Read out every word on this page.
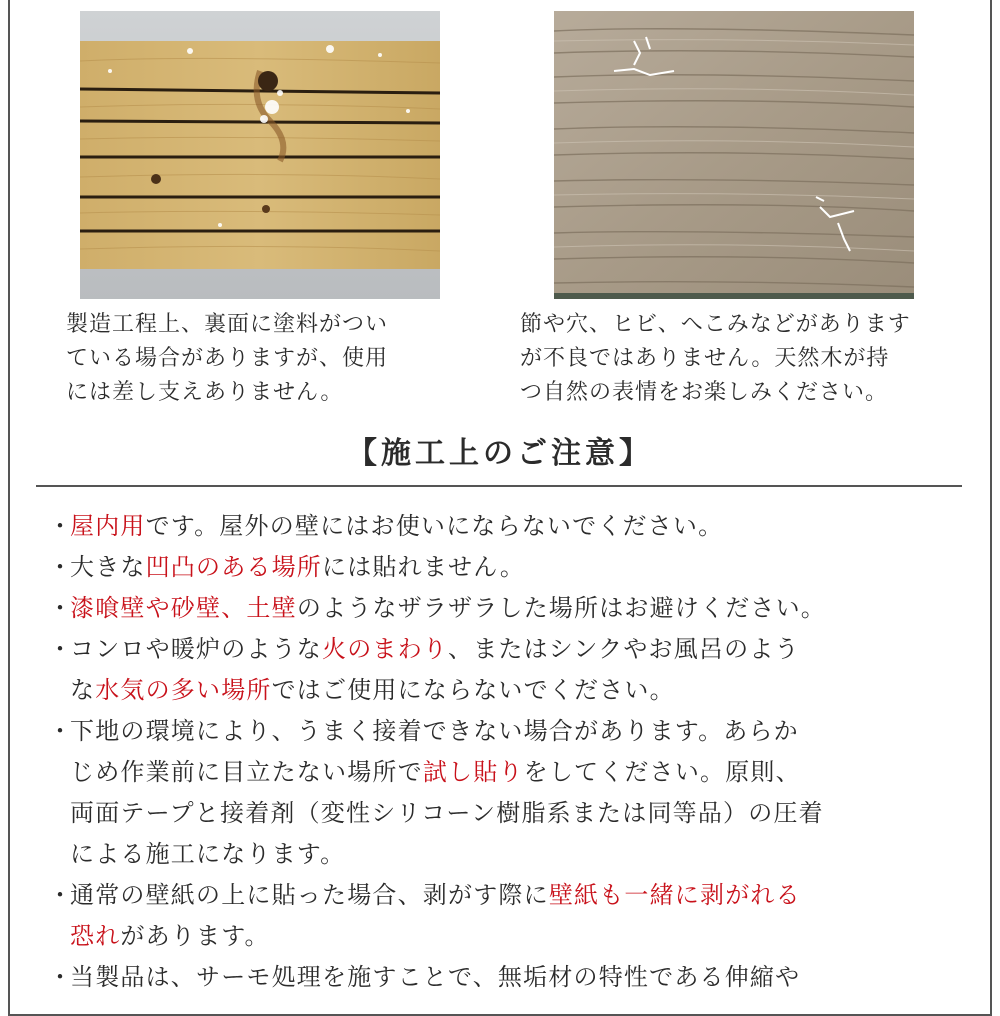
製造工程上、裏面に塗料がつい
ている場合がありますが、使用
には差し支えありません。

節や穴、ヒビ、へこみなどがあります
が不良ではありません。天然木が持
つ自然の表情をお楽しみください。

【施工上のご注意】
・
屋内用です。屋外の壁にはお使いにならないでください。
・
大きな凹凸のある場所には貼れません。
・
漆喰壁や砂壁、土壁のようなザラザラした場所はお避けください。
・
コンロや暖炉のような火のまわり、またはシンクやお風呂のよう
な水気の多い場所ではご使用にならないでください。
・
下地の環境により、うまく接着できない場合があります。あらか
じめ作業前に目立たない場所で試し貼りをしてください。原則、
両面テープと接着剤（変性シリコーン樹脂系または同等品）の圧着
による施工になります。
・
通常の壁紙の上に貼った場合、剥がす際に壁紙も一緒に剥がれる
恐れがあります。
・
当製品は、サーモ処理を施すことで、無垢材の特性である伸縮や
